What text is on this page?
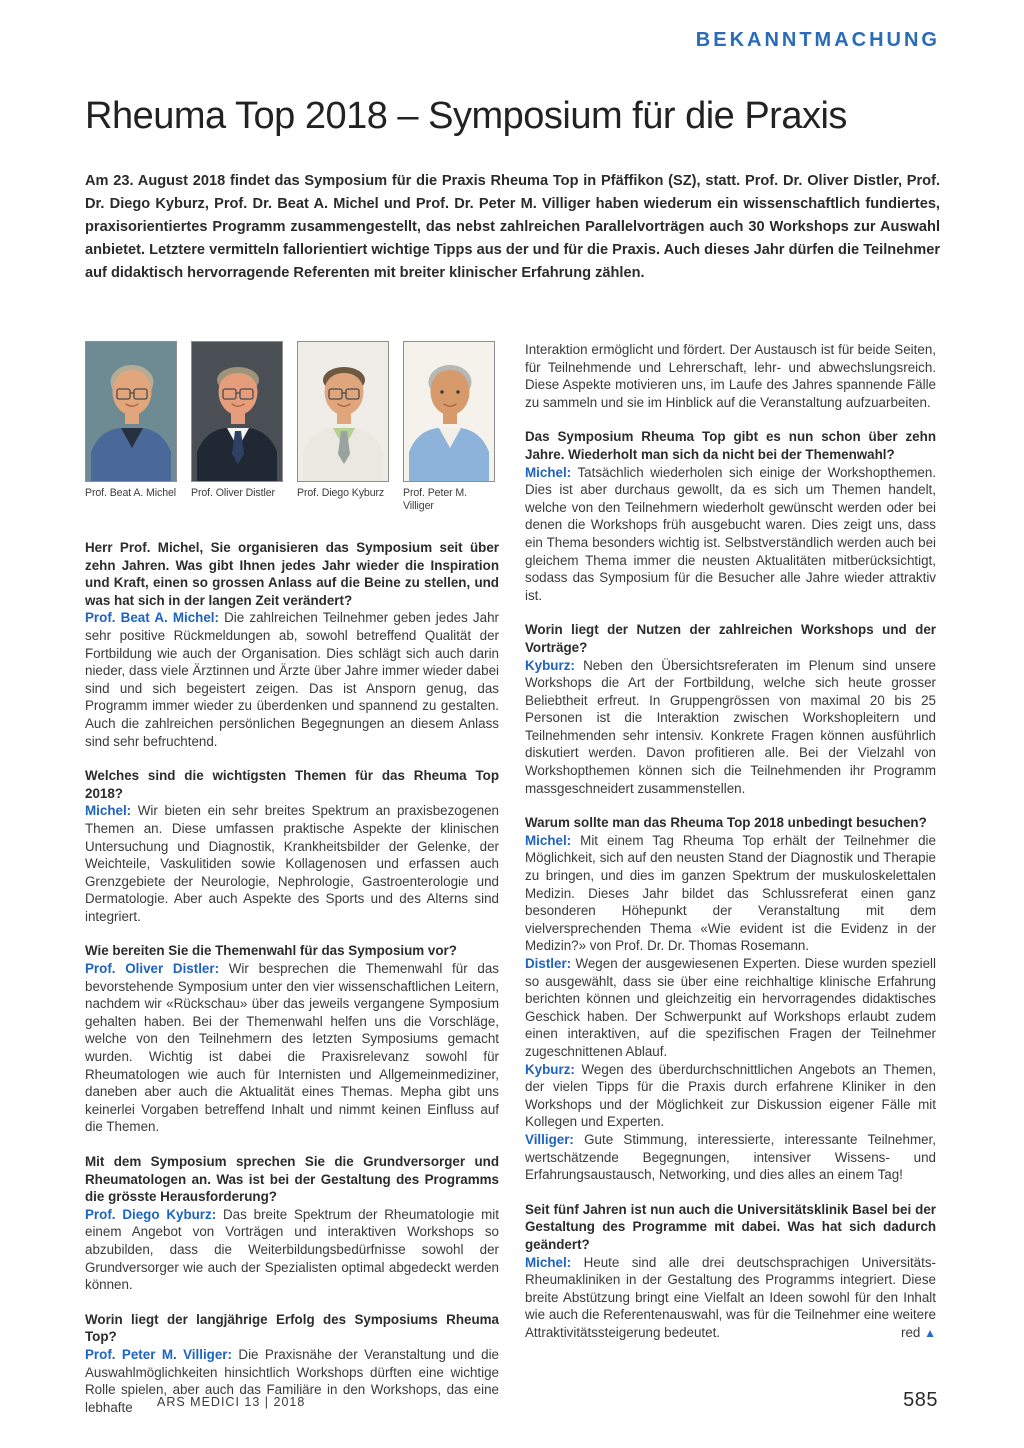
BEKANNTMACHUNG
Rheuma Top 2018 – Symposium für die Praxis

Am 23. August 2018 findet das Symposium für die Praxis Rheuma Top in Pfäffikon (SZ), statt. Prof. Dr. Oliver Distler, Prof. Dr. Diego Kyburz, Prof. Dr. Beat A. Michel und Prof. Dr. Peter M. Villiger haben wiederum ein wissenschaftlich fundiertes, praxisorientiertes Programm zusammengestellt, das nebst zahlreichen Parallelvorträgen auch 30 Workshops zur Auswahl anbietet. Letztere vermitteln fallorientiert wichtige Tipps aus der und für die Praxis. Auch dieses Jahr dürfen die Teilnehmer auf didaktisch hervorragende Referenten mit breiter klinischer Erfahrung zählen.

Prof. Beat A. Michel Prof. Oliver Distler	Prof. Diego Kyburz	Prof. Peter M. Villiger

Herr Prof. Michel, Sie organisieren das Symposium seit über zehn Jahren. Was gibt Ihnen jedes Jahr wieder die Inspiration und Kraft, einen so grossen Anlass auf die Beine zu stellen, und was hat sich in der langen Zeit verändert?

Prof. Beat A. Michel: Die zahlreichen Teilnehmer geben jedes Jahr sehr positive Rückmeldungen ab, sowohl betreffend Qualität der Fortbildung wie auch der Organisation. Dies schlägt sich auch darin nieder, dass viele Ärztinnen und Ärzte über Jahre immer wieder dabei sind und sich begeistert zeigen. Das ist Ansporn genug, das Programm immer wieder zu überdenken und spannend zu gestalten. Auch die zahlreichen persönlichen Begegnungen an diesem Anlass sind sehr befruchtend.

Welches sind die wichtigsten Themen für das Rheuma Top 2018?

Michel: Wir bieten ein sehr breites Spektrum an praxisbezogenen Themen an. Diese umfassen praktische Aspekte der klinischen Untersuchung und Diagnostik, Krankheitsbilder der Gelenke, der Weichteile, Vaskulitiden sowie Kollagenosen und erfassen auch Grenzgebiete der Neurologie, Nephrologie, Gastroenterologie und Dermatologie. Aber auch Aspekte des Sports und des Alterns sind integriert.

Wie bereiten Sie die Themenwahl für das Symposium vor?

Prof. Oliver Distler: Wir besprechen die Themenwahl für das bevorstehende Symposium unter den vier wissenschaftlichen Leitern, nachdem wir «Rückschau» über das jeweils vergangene Symposium gehalten haben. Bei der Themenwahl helfen uns die Vorschläge, welche von den Teilnehmern des letzten Symposiums gemacht wurden. Wichtig ist dabei die Praxisrelevanz sowohl für Rheumatologen wie auch für Internisten und Allgemeinmediziner, daneben aber auch die Aktualität eines Themas. Mepha gibt uns keinerlei Vorgaben betreffend Inhalt und nimmt keinen Einfluss auf die Themen.

Mit dem Symposium sprechen Sie die Grundversorger und Rheumatologen an. Was ist bei der Gestaltung des Programms die grösste Herausforderung?

Prof. Diego Kyburz: Das breite Spektrum der Rheumatologie mit einem Angebot von Vorträgen und interaktiven Workshops so abzubilden, dass die Weiterbildungsbedürfnisse sowohl der Grundversorger wie auch der Spezialisten optimal abgedeckt werden können.

Worin liegt der langjährige Erfolg des Symposiums Rheuma Top?

Prof. Peter M. Villiger: Die Praxisnähe der Veranstaltung und die Auswahlmöglichkeiten hinsichtlich Workshops dürften eine wichtige Rolle spielen, aber auch das Familiäre in den Workshops, das eine lebhafte

Interaktion ermöglicht und fördert. Der Austausch ist für beide Seiten, für Teilnehmende und Lehrerschaft, lehr- und abwechslungsreich. Diese Aspekte motivieren uns, im Laufe des Jahres spannende Fälle zu sammeln und sie im Hinblick auf die Veranstaltung aufzuarbeiten.

Das Symposium Rheuma Top gibt es nun schon über zehn Jahre. Wiederholt man sich da nicht bei der Themenwahl?

Michel: Tatsächlich wiederholen sich einige der Workshopthemen. Dies ist aber durchaus gewollt, da es sich um Themen handelt, welche von den Teilnehmern wiederholt gewünscht werden oder bei denen die Workshops früh ausgebucht waren. Dies zeigt uns, dass ein Thema besonders wichtig ist. Selbstverständlich werden auch bei gleichem Thema immer die neusten Aktualitäten mitberücksichtigt, sodass das Symposium für die Besucher alle Jahre wieder attraktiv ist.

Worin liegt der Nutzen der zahlreichen Workshops und der Vorträge?

Kyburz: Neben den Übersichtsreferaten im Plenum sind unsere Workshops die Art der Fortbildung, welche sich heute grosser Beliebtheit erfreut. In Gruppengrössen von maximal 20 bis 25 Personen ist die Interaktion zwischen Workshopleitern und Teilnehmenden sehr intensiv. Konkrete Fragen können ausführlich diskutiert werden. Davon profitieren alle. Bei der Vielzahl von Workshopthemen können sich die Teilnehmenden ihr Programm massgeschneidert zusammenstellen.

Warum sollte man das Rheuma Top 2018 unbedingt besuchen?

Michel: Mit einem Tag Rheuma Top erhält der Teilnehmer die Möglichkeit, sich auf den neusten Stand der Diagnostik und Therapie zu bringen, und dies im ganzen Spektrum der muskuloskelettalen Medizin. Dieses Jahr bildet das Schlussreferat einen ganz besonderen Höhepunkt der Veranstaltung mit dem vielversprechenden Thema «Wie evident ist die Evidenz in der Medizin?» von Prof. Dr. Dr. Thomas Rosemann.

Distler: Wegen der ausgewiesenen Experten. Diese wurden speziell so ausgewählt, dass sie über eine reichhaltige klinische Erfahrung berichten können und gleichzeitig ein hervorragendes didaktisches Geschick haben. Der Schwerpunkt auf Workshops erlaubt zudem einen interaktiven, auf die spezifischen Fragen der Teilnehmer zugeschnittenen Ablauf.

Kyburz: Wegen des überdurchschnittlichen Angebots an Themen, der vielen Tipps für die Praxis durch erfahrene Kliniker in den Workshops und der Möglichkeit zur Diskussion eigener Fälle mit Kollegen und Experten.

Villiger: Gute Stimmung, interessierte, interessante Teilnehmer, wertschätzende Begegnungen, intensiver Wissens- und Erfahrungsaustausch, Networking, und dies alles an einem Tag!

Seit fünf Jahren ist nun auch die Universitätsklinik Basel bei der Gestaltung des Programme mit dabei. Was hat sich dadurch geändert?

Michel: Heute sind alle drei deutschsprachigen Universitäts-Rheumakliniken in der Gestaltung des Programms integriert. Diese breite Abstützung bringt eine Vielfalt an Ideen sowohl für den Inhalt wie auch die Referentenauswahl, was für die Teilnehmer eine weitere Attraktivitätssteigerung bedeutet.	red ▲

ARS MEDICI 13 | 2018	585
